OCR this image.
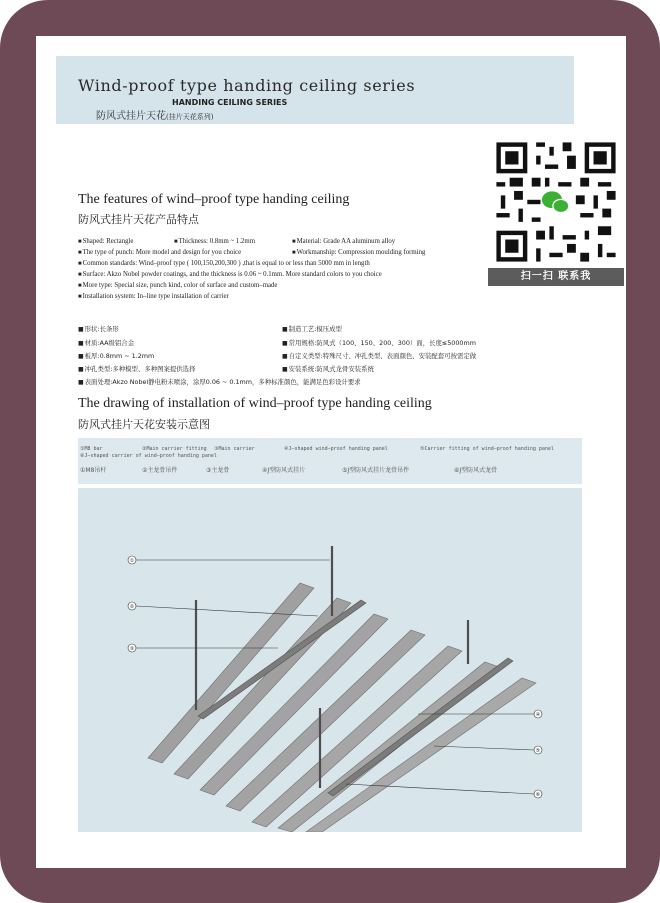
Wind-proof type handing ceiling series
HANDING CEILING SERIES
防风式挂片天花(挂片天花系列)
扫一扫 联系我
The features of wind–proof type handing ceiling
防风式挂片天花产品特点
■ Shaped: Rectangle	■ Thickness: 0.8mm ~ 1.2mm	■ Material: Grade AA aluminum alloy
■ The type of punch: More model and design for you choice	■ Workmanship: Compression moulding forming
■ Common standards: Wind–proof type ( 100,150,200,300 ) ,that is equal to or less than 5000 mm in length
■ Surface: Akzo Nobel powder coatings, and the thickness is 0.06 ~ 0.1mm. More standard colors to you choice
■ More type: Special size, punch kind, color of surface and custom–made
■ Installation system: In–line type installation of carrier
■ 形状:长条形	■ 制造工艺:模压成型
■ 材质:AA级铝合金	■ 常用规格:防风式（100、150、200、300）面，长度≤5000mm
■ 板厚:0.8mm ~ 1.2mm	■ 自定义类型:特殊尺寸、冲孔类型、表面颜色、安装配套可按需定做
■ 冲孔类型:多种模型、多种图案提供选择	■ 安装系统:防风式龙骨安装系统
■ 表面处理:Akzo Nobel静电粉末喷涂，涂厚0.06 ~ 0.1mm，多种标准颜色，能满足色彩设计要求
The drawing of installation of wind–proof type handing ceiling
防风式挂片天花安装示意图
①M8 bar	②Main carrier fitting ③Main carrier	④J–shaped wind–proof handing panel	⑤Carrier fitting of wind–proof handing panel
⑥J–shaped carrier of wind–proof handing panel
①M8吊杆	②主龙骨吊件	③主龙骨	④J型防风式挂片	⑤J型防风式挂片龙骨吊件	⑥J型防风式龙骨
①
②
③
④
⑤
⑥
